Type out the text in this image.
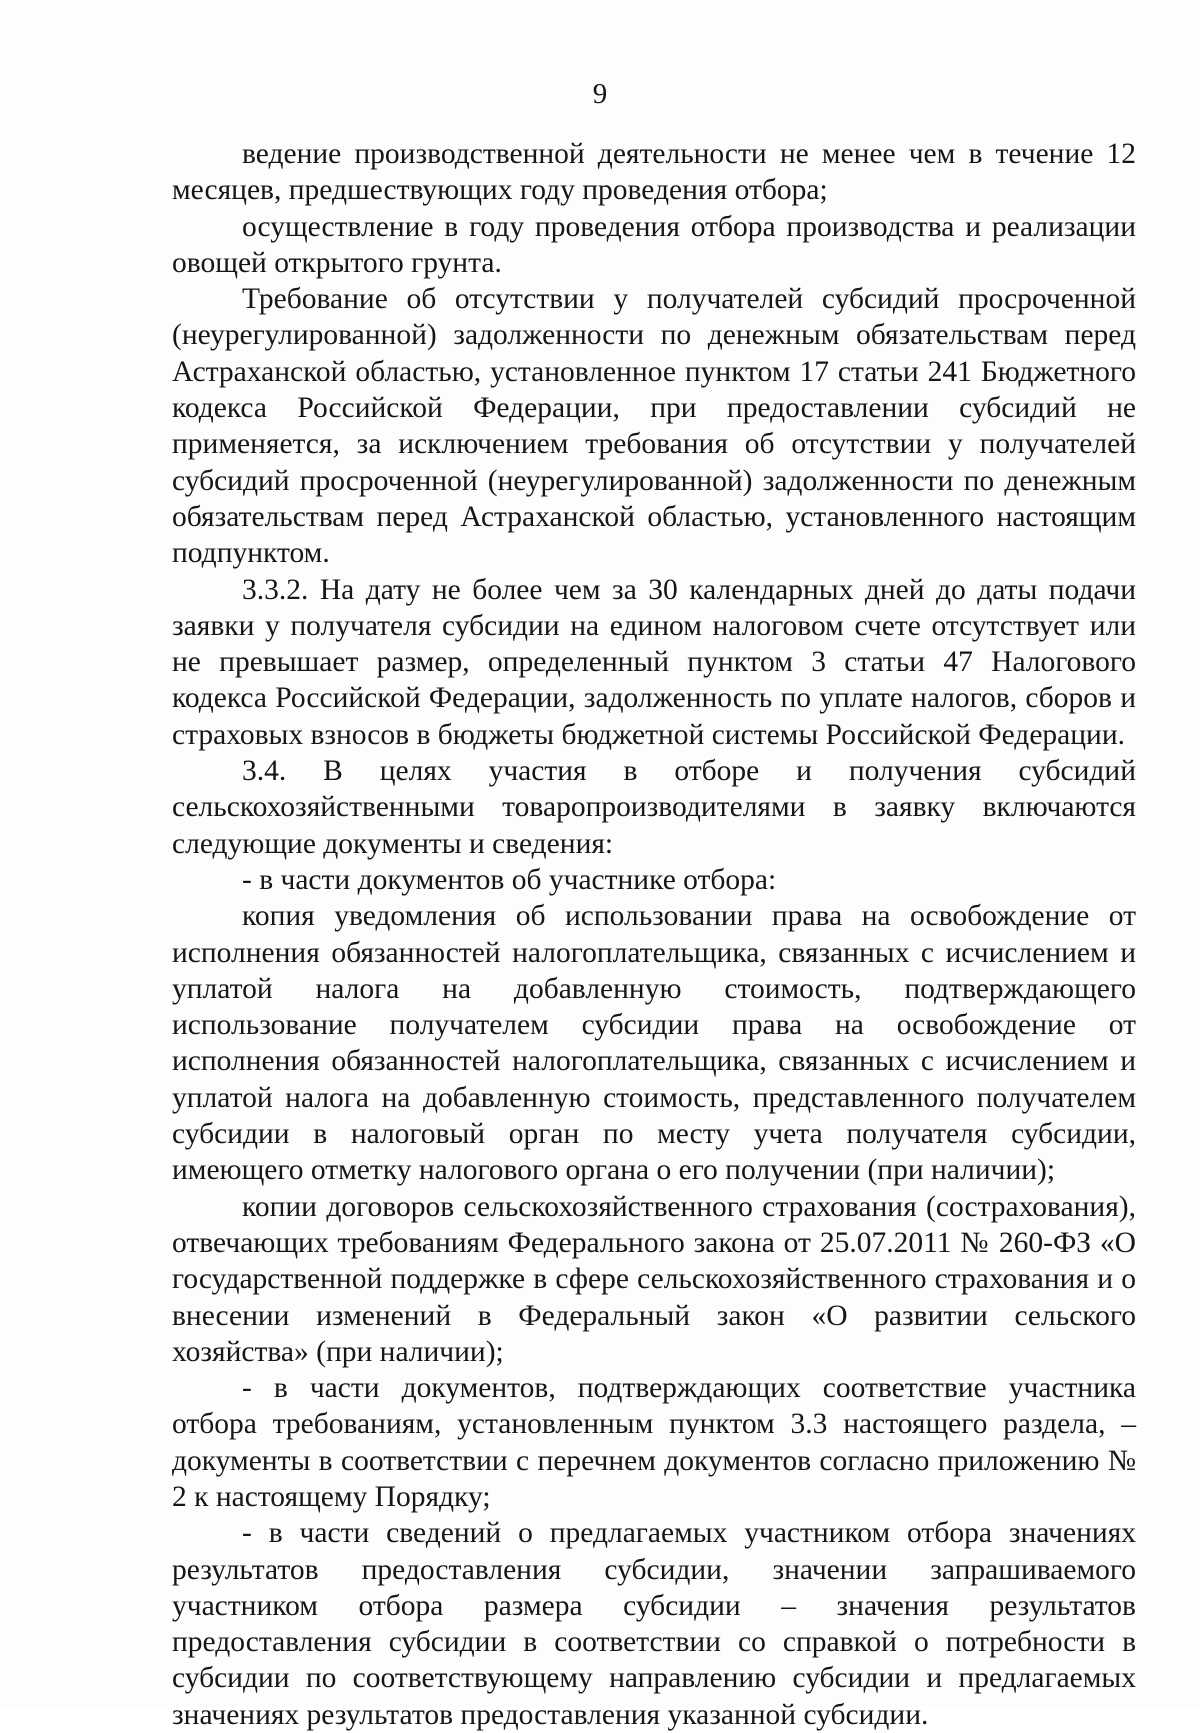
9

ведение производственной деятельности не менее чем в течение 12 месяцев, предшествующих году проведения отбора;

осуществление в году проведения отбора производства и реализации овощей открытого грунта.

Требование об отсутствии у получателей субсидий просроченной (неурегулированной) задолженности по денежным обязательствам перед Астраханской областью, установленное пунктом 17 статьи 241 Бюджетного кодекса Российской Федерации, при предоставлении субсидий не применяется, за исключением требования об отсутствии у получателей субсидий просроченной (неурегулированной) задолженности по денежным обязательствам перед Астраханской областью, установленного настоящим подпунктом.

3.3.2. На дату не более чем за 30 календарных дней до даты подачи заявки у получателя субсидии на едином налоговом счете отсутствует или не превышает размер, определенный пунктом 3 статьи 47 Налогового кодекса Российской Федерации, задолженность по уплате налогов, сборов и страховых взносов в бюджеты бюджетной системы Российской Федерации.

3.4. В целях участия в отборе и получения субсидий сельскохозяйственными товаропроизводителями в заявку включаются следующие документы и сведения:

- в части документов об участнике отбора:

копия уведомления об использовании права на освобождение от исполнения обязанностей налогоплательщика, связанных с исчислением и уплатой налога на добавленную стоимость, подтверждающего использование получателем субсидии права на освобождение от исполнения обязанностей налогоплательщика, связанных с исчислением и уплатой налога на добавленную стоимость, представленного получателем субсидии в налоговый орган по месту учета получателя субсидии, имеющего отметку налогового органа о его получении (при наличии);

копии договоров сельскохозяйственного страхования (сострахования), отвечающих требованиям Федерального закона от 25.07.2011 № 260-ФЗ «О государственной поддержке в сфере сельскохозяйственного страхования и о внесении изменений в Федеральный закон «О развитии сельского хозяйства» (при наличии);

- в части документов, подтверждающих соответствие участника отбора требованиям, установленным пунктом 3.3 настоящего раздела, – документы в соответствии с перечнем документов согласно приложению № 2 к настоящему Порядку;

- в части сведений о предлагаемых участником отбора значениях результатов предоставления субсидии, значении запрашиваемого участником отбора размера субсидии – значения результатов предоставления субсидии в соответствии со справкой о потребности в субсидии по соответствующему направлению субсидии и предлагаемых значениях результатов предоставления указанной субсидии.
